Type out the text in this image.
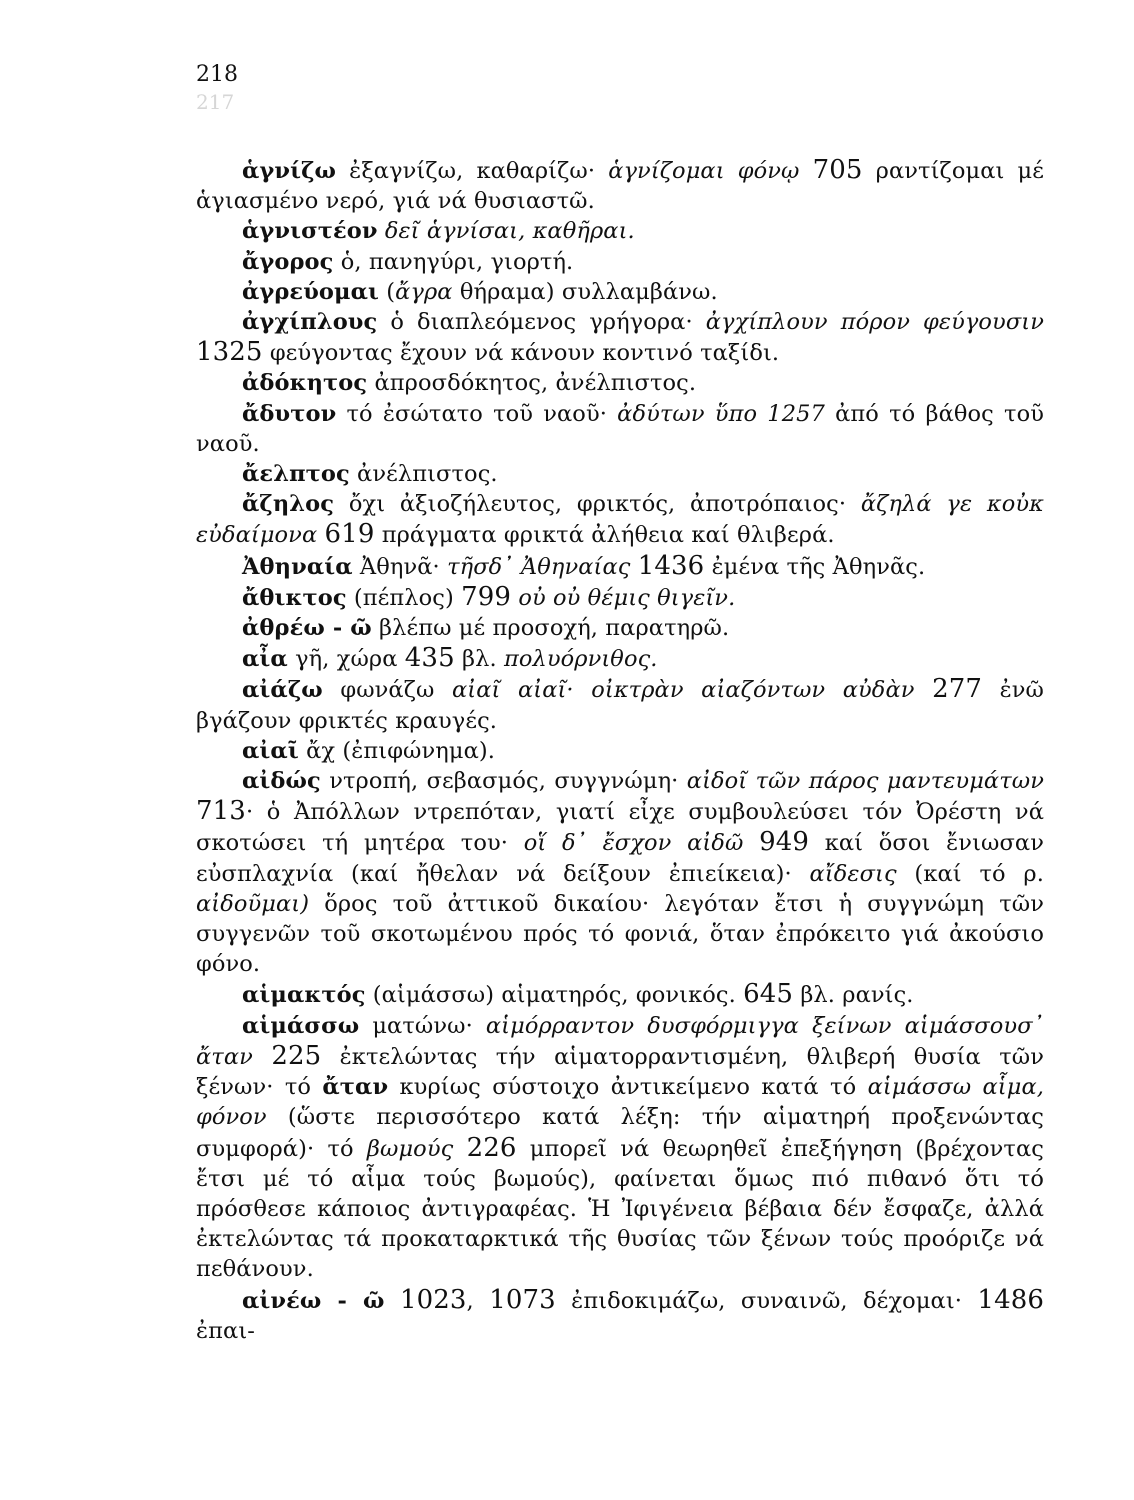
218
217

ἁγνίζω ἐξαγνίζω, καθαρίζω· ἁγνίζομαι φόνῳ 705 ραντίζομαι μέ ἁγιασμένο νερό, γιά νά θυσιαστῶ.

ἁγνιστέον δεῖ ἁγνίσαι, καθῆραι.

ἄγορος ὁ, πανηγύρι, γιορτή.

ἀγρεύομαι (ἄγρα θήραμα) συλλαμβάνω.

ἀγχίπλους ὁ διαπλεόμενος γρήγορα· ἀγχίπλουν πόρον φεύγουσιν 1325 φεύγοντας ἔχουν νά κάνουν κοντινό ταξίδι.

ἀδόκητος ἀπροσδόκητος, ἀνέλπιστος.

ἄδυτον τό ἐσώτατο τοῦ ναοῦ· ἀδύτων ὕπο 1257 ἀπό τό βάθος τοῦ ναοῦ.

ἄελπτος ἀνέλπιστος.

ἄζηλος ὄχι ἀξιοζήλευτος, φρικτός, ἀποτρόπαιος· ἄζηλά γε κοὐκ εὐδαίμονα 619 πράγματα φρικτά ἀλήθεια καί θλιβερά.

Ἀθηναία Ἀθηνᾶ· τῆσδ᾽ Ἀθηναίας 1436 ἐμένα τῆς Ἀθηνᾶς.

ἄθικτος (πέπλος) 799 οὐ οὐ θέμις θιγεῖν.

ἀθρέω - ῶ βλέπω μέ προσοχή, παρατηρῶ.

αἶα γῆ, χώρα 435 βλ. πολυόρνιθος.

αἰάζω φωνάζω αἰαῖ αἰαῖ· οἰκτρὰν αἰαζόντων αὐδὰν 277 ἐνῶ βγάζουν φρικτές κραυγές.

αἰαῖ ἄχ (ἐπιφώνημα).

αἰδώς ντροπή, σεβασμός, συγγνώμη· αἰδοῖ τῶν πάρος μαντευμάτων 713· ὁ Ἀπόλλων ντρεπόταν, γιατί εἶχε συμβουλεύσει τόν Ὀρέστη νά σκοτώσει τή μητέρα του· οἵ δ᾽ ἔσχον αἰδῶ 949 καί ὅσοι ἔνιωσαν εὐσπλαχνία (καί ἤθελαν νά δείξουν ἐπιείκεια)· αἴδεσις (καί τό ρ. αἰδοῦμαι) ὅρος τοῦ ἀττικοῦ δικαίου· λεγόταν ἔτσι ἡ συγγνώμη τῶν συγγενῶν τοῦ σκοτωμένου πρός τό φονιά, ὅταν ἐπρόκειτο γιά ἀκούσιο φόνο.

αἱμακτός (αἱμάσσω) αἱματηρός, φονικός. 645 βλ. ρανίς.

αἱμάσσω ματώνω· αἱμόρραντον δυσφόρμιγγα ξείνων αἱμάσσουσ᾽ ἄταν 225 ἐκτελώντας τήν αἱματορραντισμένη, θλιβερή θυσία τῶν ξένων· τό ἄταν κυρίως σύστοιχο ἀντικείμενο κατά τό αἱμάσσω αἷμα, φόνον (ὥστε περισσότερο κατά λέξη: τήν αἱματηρή προξενώντας συμφορά)· τό βωμούς 226 μπορεῖ νά θεωρηθεῖ ἐπεξήγηση (βρέχοντας ἔτσι μέ τό αἷμα τούς βωμούς), φαίνεται ὅμως πιό πιθανό ὅτι τό πρόσθεσε κάποιος ἀντιγραφέας. Ἡ Ἰφιγένεια βέβαια δέν ἔσφαζε, ἀλλά ἐκτελώντας τά προκαταρκτικά τῆς θυσίας τῶν ξένων τούς προόριζε νά πεθάνουν.

αἰνέω - ῶ 1023, 1073 ἐπιδοκιμάζω, συναινῶ, δέχομαι· 1486 ἐπαι-
